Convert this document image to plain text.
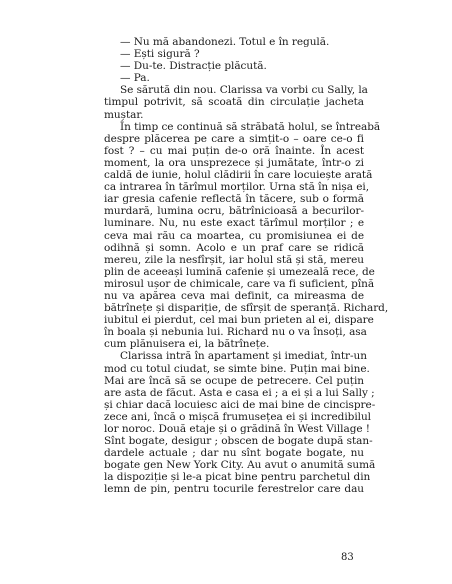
— Nu mă abandonezi. Totul e în regulă.
— Ești sigură ?
— Du-te. Distracție plăcută.
— Pa.
Se sărută din nou. Clarissa va vorbi cu Sally, la
timpul potrivit, să scoată din circulație jacheta
muștar.
În timp ce continuă să străbată holul, se întreabă
despre plăcerea pe care a simțit-o – oare ce-o fi
fost ? – cu mai puțin de-o oră înainte. În acest
moment, la ora unsprezece și jumătate, într-o zi
caldă de iunie, holul clădirii în care locuiește arată
ca intrarea în tărîmul morților. Urna stă în nișa ei,
iar gresia cafenie reflectă în tăcere, sub o formă
murdară, lumina ocru, bătrînicioasă a becurilor-
luminare. Nu, nu este exact tărîmul morților ; e
ceva mai rău ca moartea, cu promisiunea ei de
odihnă și somn. Acolo e un praf care se ridică
mereu, zile la nesfîrșit, iar holul stă și stă, mereu
plin de aceeași lumină cafenie și umezeală rece, de
mirosul ușor de chimicale, care va fi suficient, pînă
nu va apărea ceva mai definit, ca mireasma de
bătrînețe și dispariție, de sfîrșit de speranță. Richard,
iubitul ei pierdut, cel mai bun prieten al ei, dispare
în boala și nebunia lui. Richard nu o va însoți, asa
cum plănuisera ei, la bătrînețe.
Clarissa intră în apartament și imediat, într-un
mod cu totul ciudat, se simte bine. Puțin mai bine.
Mai are încă să se ocupe de petrecere. Cel puțin
are asta de făcut. Asta e casa ei ; a ei și a lui Sally ;
și chiar dacă locuiesc aici de mai bine de cincispre-
zece ani, încă o mișcă frumusețea ei și incredibilul
lor noroc. Două etaje și o grădină în West Village !
Sînt bogate, desigur ; obscen de bogate după stan-
dardele actuale ; dar nu sînt bogate bogate, nu
bogate gen New York City. Au avut o anumită sumă
la dispoziție și le-a picat bine pentru parchetul din
lemn de pin, pentru tocurile ferestrelor care dau
83
